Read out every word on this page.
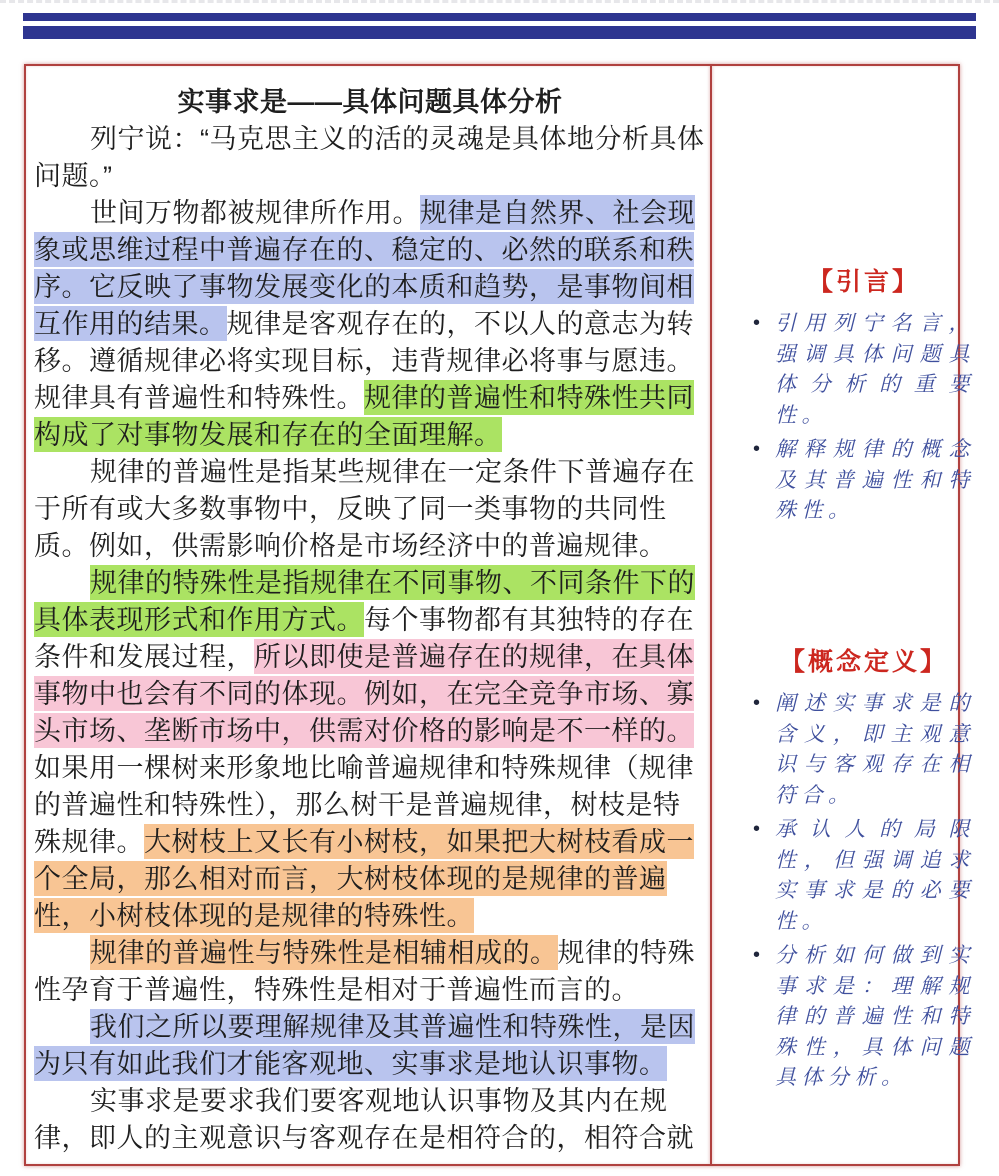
实事求是——具体问题具体分析
列宁说：“马克思主义的活的灵魂是具体地分析具体
问题。”
世间万物都被规律所作用。规律是自然界、社会现
象或思维过程中普遍存在的、稳定的、必然的联系和秩
序。它反映了事物发展变化的本质和趋势，是事物间相
互作用的结果。规律是客观存在的，不以人的意志为转
移。遵循规律必将实现目标，违背规律必将事与愿违。
规律具有普遍性和特殊性。规律的普遍性和特殊性共同
构成了对事物发展和存在的全面理解。
规律的普遍性是指某些规律在一定条件下普遍存在
于所有或大多数事物中，反映了同一类事物的共同性
质。例如，供需影响价格是市场经济中的普遍规律。
规律的特殊性是指规律在不同事物、不同条件下的
具体表现形式和作用方式。每个事物都有其独特的存在
条件和发展过程，所以即使是普遍存在的规律，在具体
事物中也会有不同的体现。例如，在完全竞争市场、寡
头市场、垄断市场中，供需对价格的影响是不一样的。
如果用一棵树来形象地比喻普遍规律和特殊规律（规律
的普遍性和特殊性），那么树干是普遍规律，树枝是特
殊规律。大树枝上又长有小树枝，如果把大树枝看成一
个全局，那么相对而言，大树枝体现的是规律的普遍
性，小树枝体现的是规律的特殊性。
规律的普遍性与特殊性是相辅相成的。规律的特殊
性孕育于普遍性，特殊性是相对于普遍性而言的。
我们之所以要理解规律及其普遍性和特殊性，是因
为只有如此我们才能客观地、实事求是地认识事物。
实事求是要求我们要客观地认识事物及其内在规
律，即人的主观意识与客观存在是相符合的，相符合就
【引言】
• 引用列宁名言，强调具体问题具体分析的重要性。
• 解释规律的概念及其普遍性和特殊性。
【概念定义】
• 阐述实事求是的含义，即主观意识与客观存在相符合。
• 承认人的局限性，但强调追求实事求是的必要性。
• 分析如何做到实事求是：理解规律的普遍性和特殊性，具体问题具体分析。
